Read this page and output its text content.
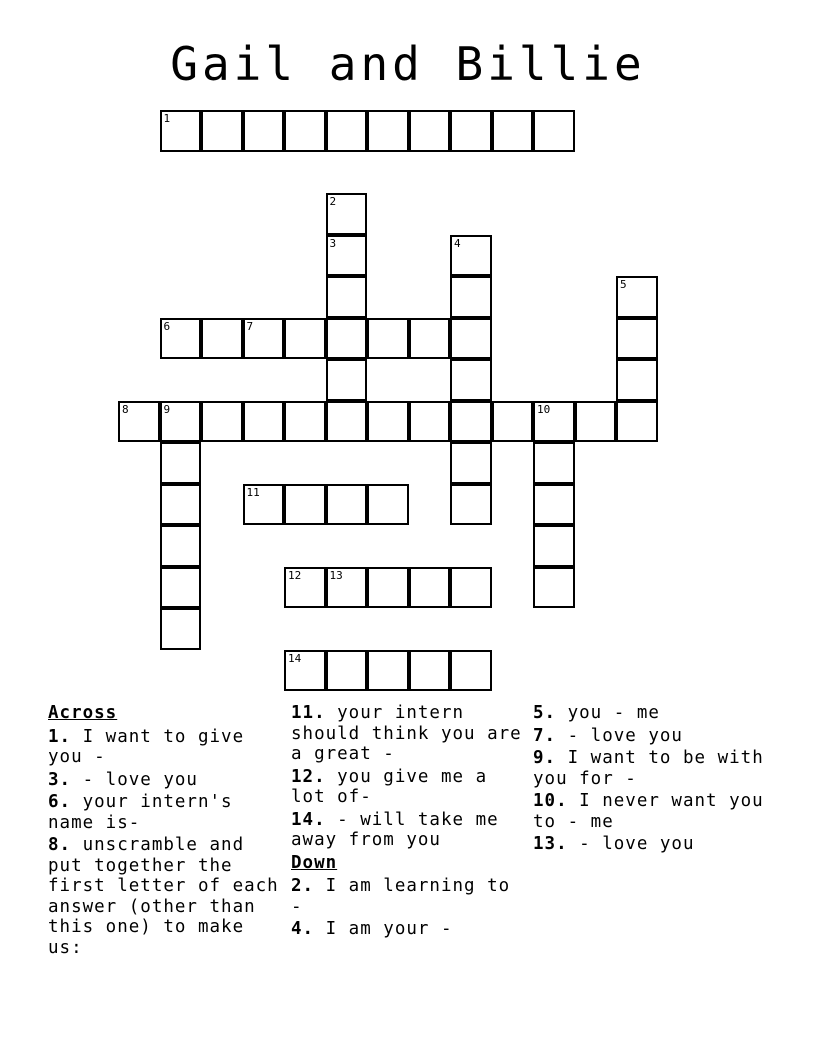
Gail and Billie
1
2
3	4
5
6	7
8	9	10
11
12	13
14
Across
1. I want to give you -
3. - love you
6. your intern's name is-
8. unscramble and put together the first letter of each answer (other than this one) to make us:
11. your intern should think you are a great -
12. you give me a lot of-
14. - will take me away from you
Down
2. I am learning to -
4. I am your -
5. you - me
7. - love you
9. I want to be with you for -
10. I never want you to - me
13. - love you
